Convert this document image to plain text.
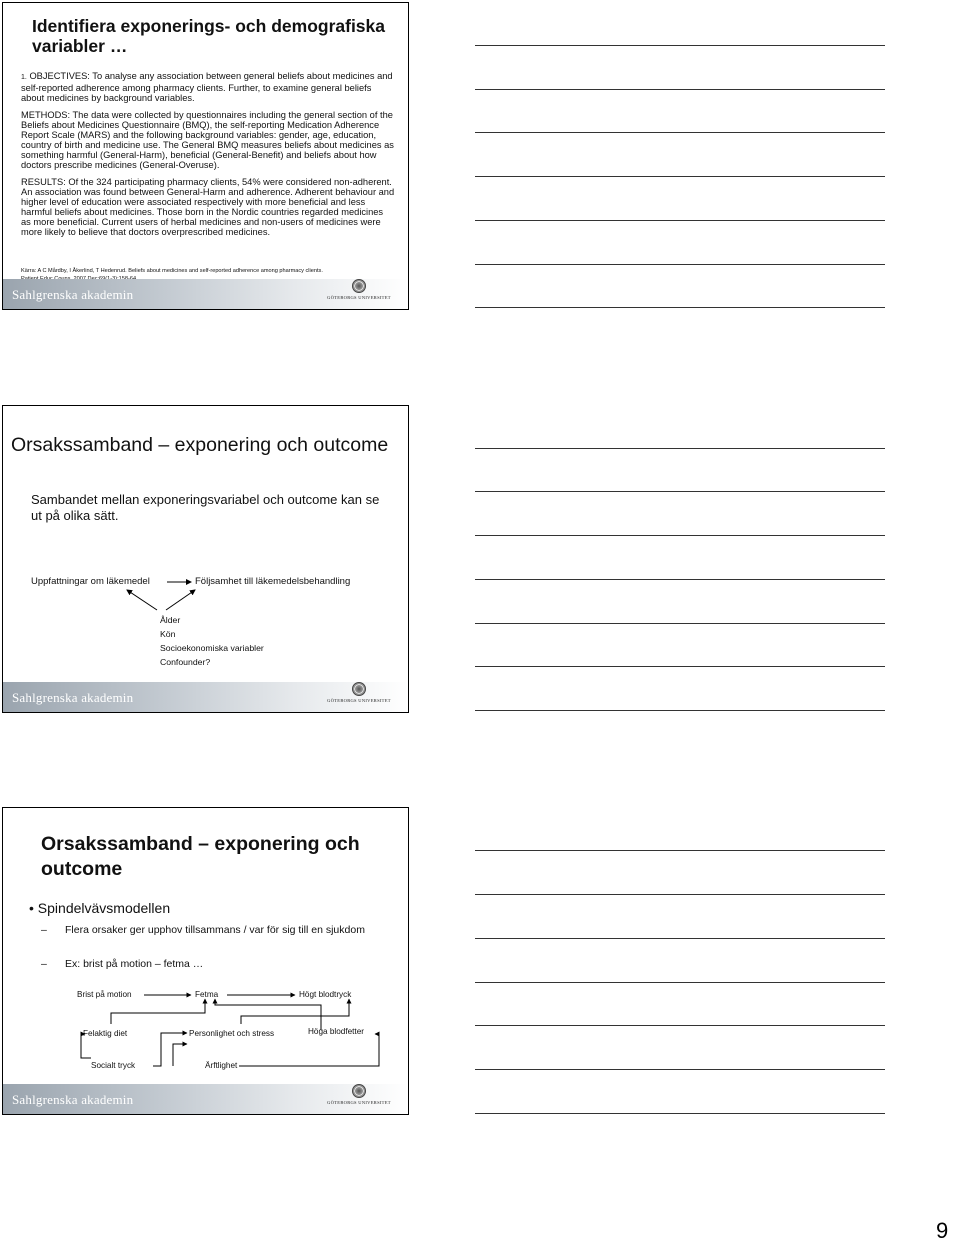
Identifiera exponerings- och demografiska variabler …

1. OBJECTIVES: To analyse any association between general beliefs about medicines and self-reported adherence among pharmacy clients. Further, to examine general beliefs about medicines by background variables.

METHODS: The data were collected by questionnaires including the general section of the Beliefs about Medicines Questionnaire (BMQ), the self-reporting Medication Adherence Report Scale (MARS) and the following background variables: gender, age, education, country of birth and medicine use. The General BMQ measures beliefs about medicines as something harmful (General-Harm), beneficial (General-Benefit) and beliefs about how doctors prescribe medicines (General-Overuse).

RESULTS: Of the 324 participating pharmacy clients, 54% were considered non-adherent. An association was found between General-Harm and adherence. Adherent behaviour and higher level of education were associated respectively with more beneficial and less harmful beliefs about medicines. Those born in the Nordic countries regarded medicines as more beneficial. Current users of herbal medicines and non-users of medicines were more likely to believe that doctors overprescribed medicines.

Kärra: A C Mårdby, I Åkerlind, T Hedenrud. Beliefs about medicines and self-reported adherence among pharmacy clients.
Sahlgrenska akademin	GÖTEBORGS UNIVERSITET
Orsakssamband – exponering och outcome
Sambandet mellan exponeringsvariabel och outcome kan se ut på olika sätt.
Uppfattningar om läkemedel	Följsamhet till läkemedelsbehandling
Ålder
Kön
Socioekonomiska variabler
Confounder?
Sahlgrenska akademin	GÖTEBORGS UNIVERSITET
Orsakssamband – exponering och outcome
• Spindelvävsmodellen
–	Flera orsaker ger upphov tillsammans / var för sig till en sjukdom
–	Ex: brist på motion – fetma …
Brist på motion	Fetma	Högt blodtryck
Felaktig diet	Personlighet och stress	Höga blodfetter
Socialt tryck	Ärftlighet
Sahlgrenska akademin	GÖTEBORGS UNIVERSITET
9
